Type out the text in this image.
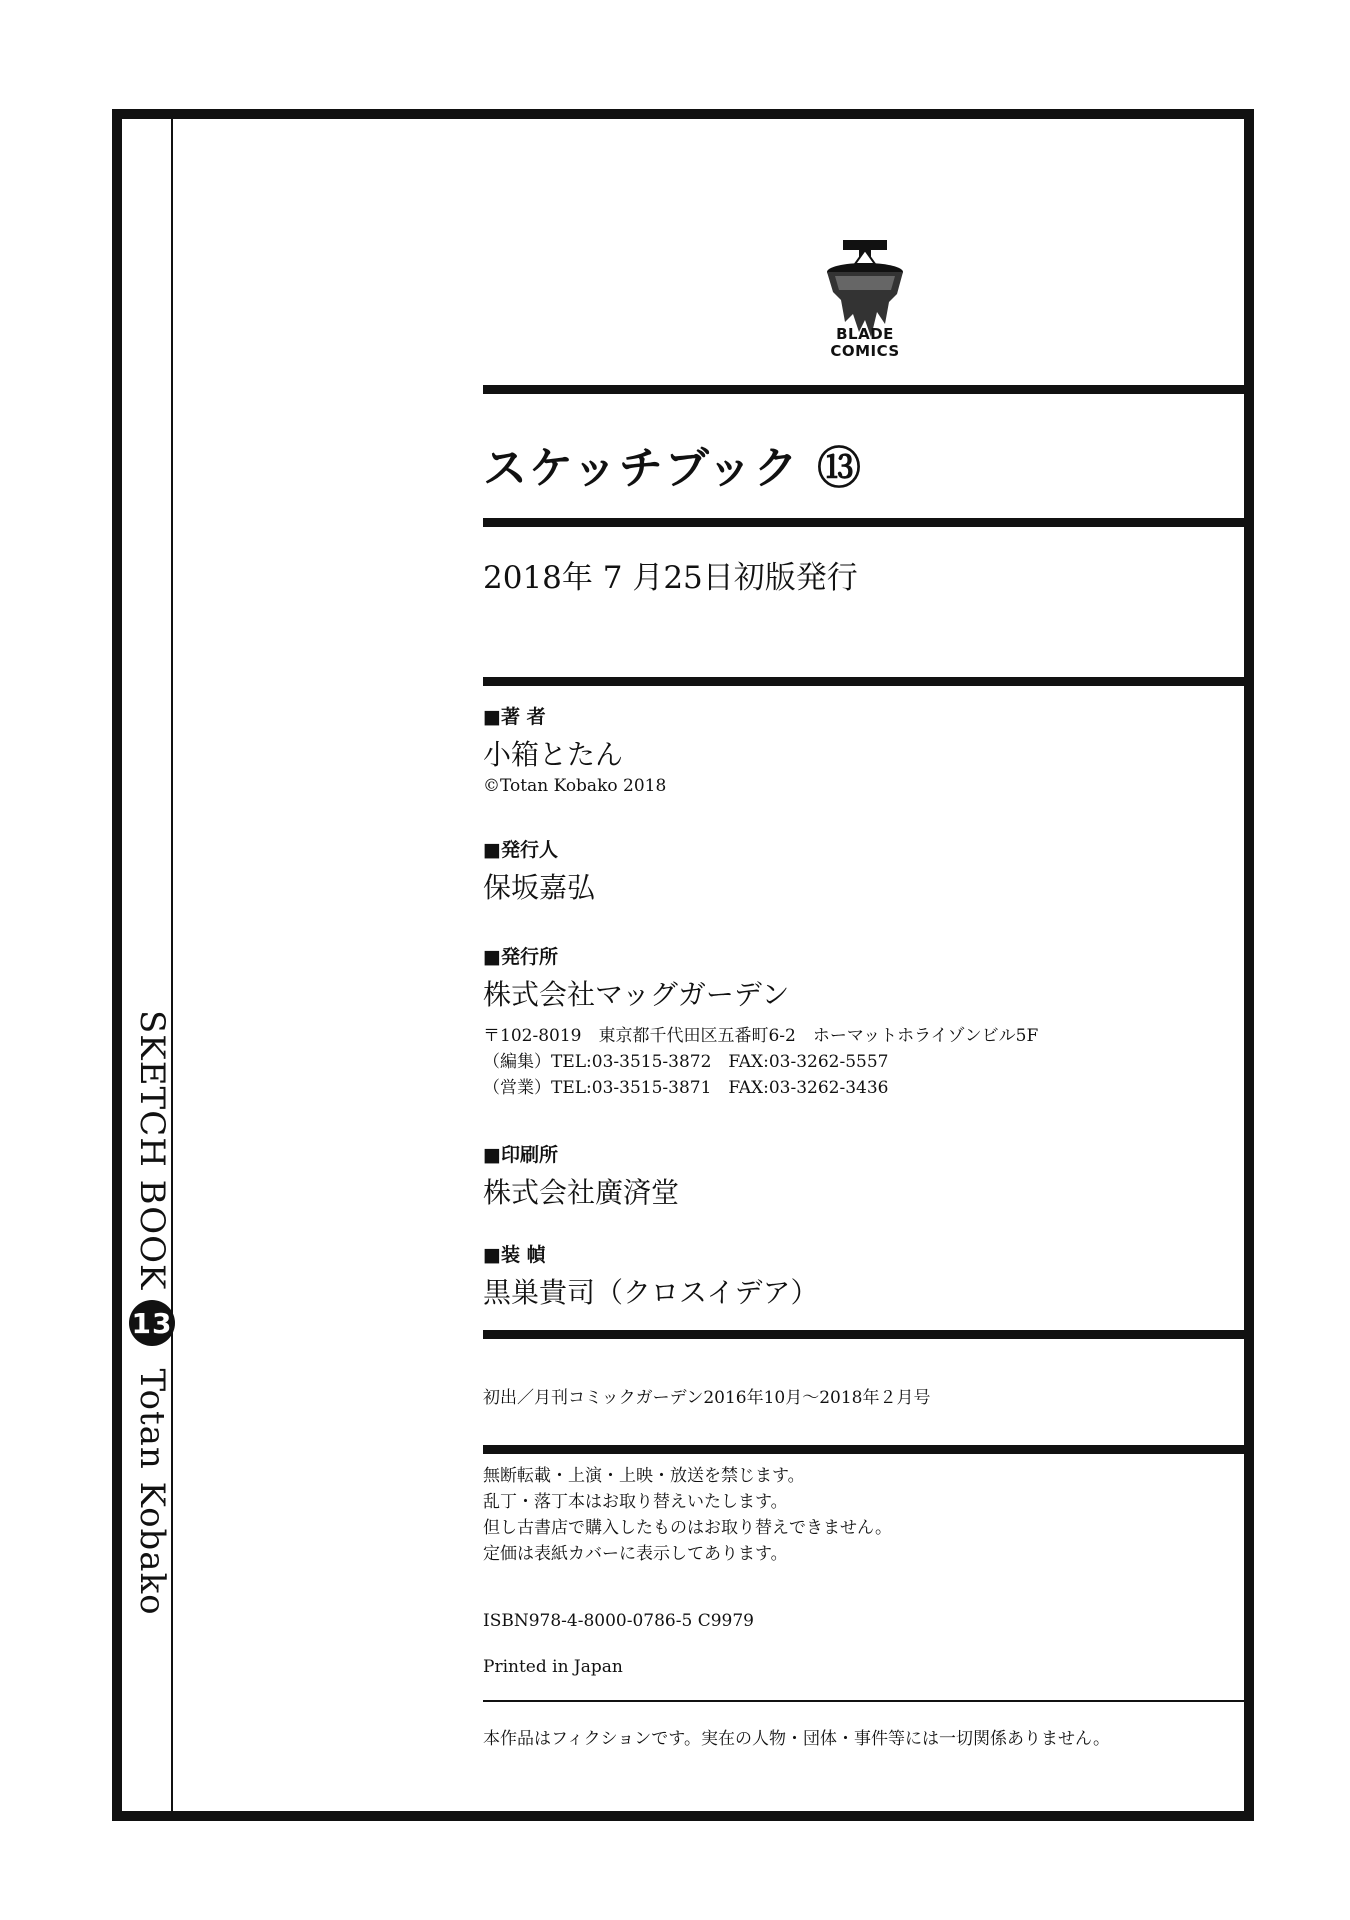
SKETCH BOOK
13
Totan Kobako
BLADE
COMICS
スケッチブック ⑬
2018年 7 月25日初版発行
■著 者
小箱とたん
©Totan Kobako 2018
■発行人
保坂嘉弘
■発行所
株式会社マッグガーデン
〒102-8019　東京都千代田区五番町6-2　ホーマットホライゾンビル5F
（編集）TEL:03-3515-3872　FAX:03-3262-5557
（営業）TEL:03-3515-3871　FAX:03-3262-3436
■印刷所
株式会社廣済堂
■装 幀
黒巣貴司（クロスイデア）
初出／月刊コミックガーデン2016年10月～2018年２月号
無断転載・上演・上映・放送を禁じます。
乱丁・落丁本はお取り替えいたします。
但し古書店で購入したものはお取り替えできません。
定価は表紙カバーに表示してあります。
ISBN978-4-8000-0786-5 C9979
Printed in Japan
本作品はフィクションです。実在の人物・団体・事件等には一切関係ありません。
